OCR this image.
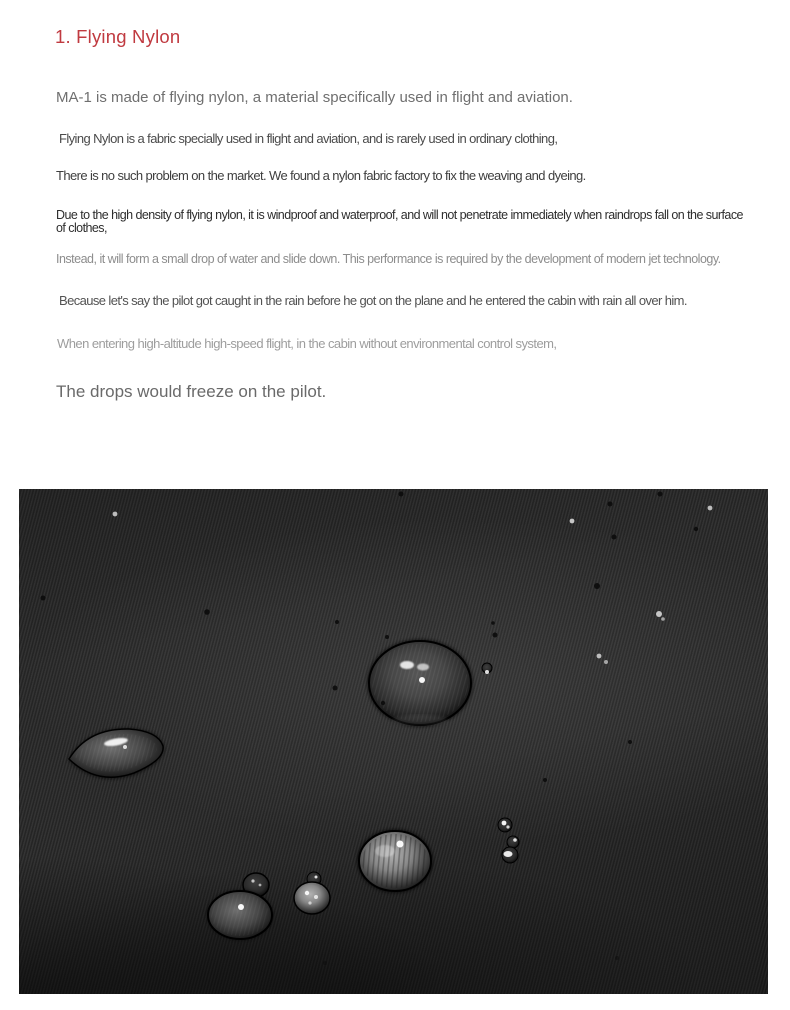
1. Flying Nylon

MA-1 is made of flying nylon, a material specifically used in flight and aviation.

Flying Nylon is a fabric specially used in flight and aviation, and is rarely used in ordinary clothing,

There is no such problem on the market. We found a nylon fabric factory to fix the weaving and dyeing.

Due to the high density of flying nylon, it is windproof and waterproof, and will not penetrate immediately when raindrops fall on the surface of clothes,

Instead, it will form a small drop of water and slide down. This performance is required by the development of modern jet technology.

Because let's say the pilot got caught in the rain before he got on the plane and he entered the cabin with rain all over him.

When entering high-altitude high-speed flight, in the cabin without environmental control system,

The drops would freeze on the pilot.
